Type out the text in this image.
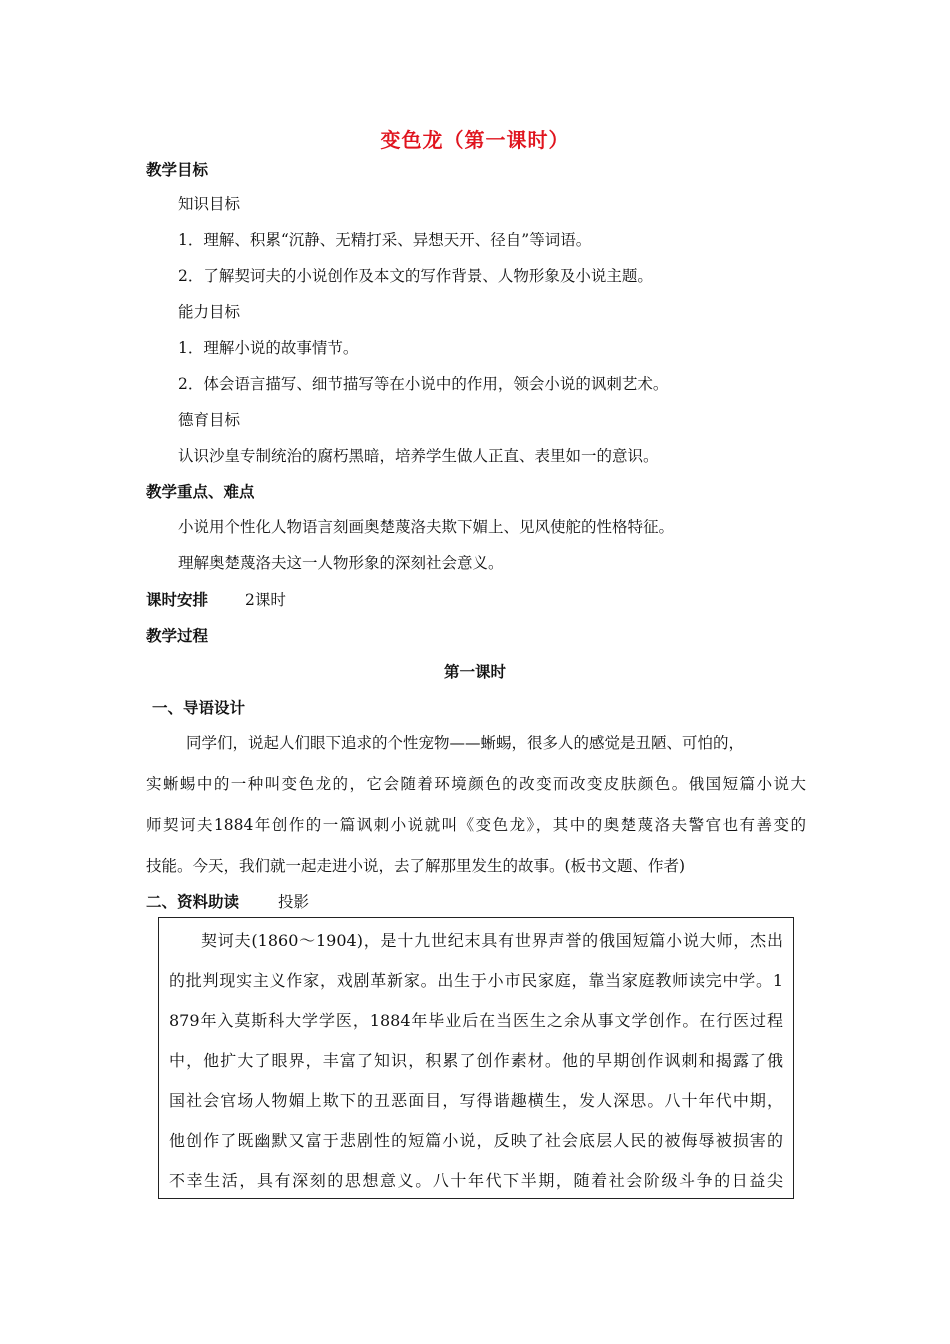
变色龙（第一课时）
教学目标
知识目标
1．理解、积累“沉静、无精打采、异想天开、径自”等词语。
2．了解契诃夫的小说创作及本文的写作背景、人物形象及小说主题。
能力目标
1．理解小说的故事情节。
2．体会语言描写、细节描写等在小说中的作用，领会小说的讽刺艺术。
德育目标
认识沙皇专制统治的腐朽黑暗，培养学生做人正直、表里如一的意识。
教学重点、难点
小说用个性化人物语言刻画奥楚蔑洛夫欺下媚上、见风使舵的性格特征。
理解奥楚蔑洛夫这一人物形象的深刻社会意义。
课时安排 2课时
教学过程
第一课时
一、导语设计
同学们，说起人们眼下追求的个性宠物——蜥蜴，很多人的感觉是丑陋、可怕的，
实蜥蜴中的一种叫变色龙的，它会随着环境颜色的改变而改变皮肤颜色。俄国短篇小说大
师契诃夫1884年创作的一篇讽刺小说就叫《变色龙》，其中的奥楚蔑洛夫警官也有善变的
技能。今天，我们就一起走进小说，去了解那里发生的故事。(板书文题、作者)
二、资料助读	投影
契诃夫(1860～1904)，是十九世纪末具有世界声誉的俄国短篇小说大师，杰出
的批判现实主义作家，戏剧革新家。出生于小市民家庭，靠当家庭教师读完中学。1
879年入莫斯科大学学医，1884年毕业后在当医生之余从事文学创作。在行医过程
中，他扩大了眼界，丰富了知识，积累了创作素材。他的早期创作讽刺和揭露了俄
国社会官场人物媚上欺下的丑恶面目，写得谐趣横生，发人深思。八十年代中期，
他创作了既幽默又富于悲剧性的短篇小说，反映了社会底层人民的被侮辱被损害的
不幸生活，具有深刻的思想意义。八十年代下半期，随着社会阶级斗争的日益尖
